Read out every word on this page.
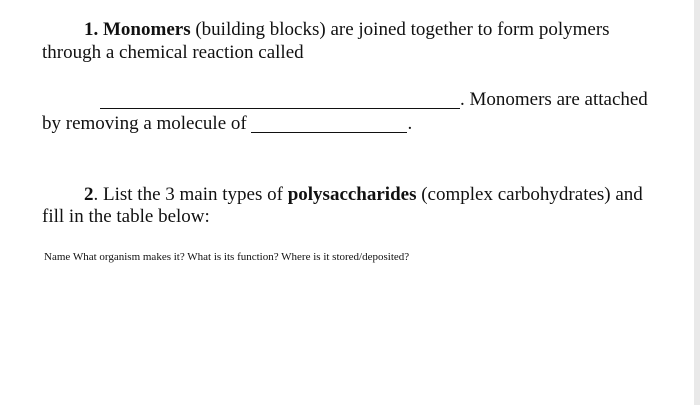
1. Monomers (building blocks) are joined together to form polymers
through a chemical reaction called
. Monomers are attached
by removing a molecule of	.
2. List the 3 main types of polysaccharides (complex carbohydrates) and
fill in the table below:
Name What organism makes it? What is its function? Where is it stored/deposited?
